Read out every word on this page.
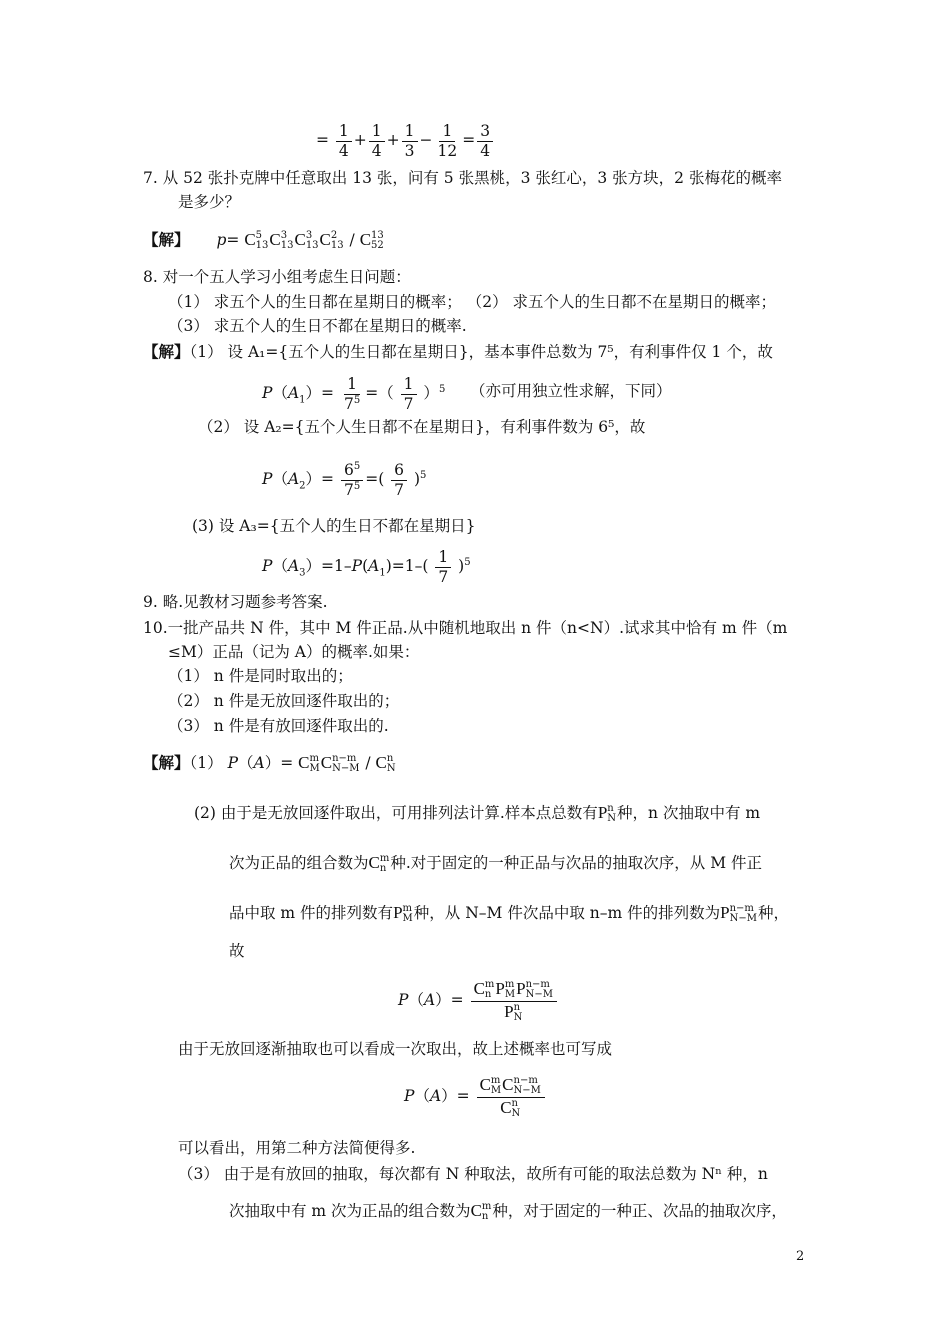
= $\frac{1}{4} + \frac{1}{4} + \frac{1}{3} - \frac{1}{12} = \frac{3}{4}$
7. 从 52 张扑克牌中任意取出 13 张，问有 5 张黑桃，3 张红心，3 张方块，2 张梅花的概率
是多少？
【解】 p= C 5
13 C 3
13 C 3
13 C 2
13 / C 13
52
8. 对一个五人学习小组考虑生日问题：
（1） 求五个人的生日都在星期日的概率； （2） 求五个人的生日都不在星期日的概率；
（3） 求五个人的生日不都在星期日的概率.
【解】（1） 设 A₁={五个人的生日都在星期日}，基本事件总数为 7⁵，有利事件仅 1 个，故
$P(A_1)= \frac{1}{7^5}$ =（ $\frac{1}{7} )^5$ （亦可用独立性求解，下同）
（2） 设 A₂={五个人生日都不在星期日}，有利事件数为 6⁵，故
$P(A_2)= \frac{6^5}{7^5}$ =( $\frac{6}{7} )^5$
(3) 设 A₃={五个人的生日不都在星期日}
$P(A_3)=1-P(A_1)=1-( \frac{1}{7} )^5$
9. 略.见教材习题参考答案.
10.一批产品共 N 件，其中 M 件正品.从中随机地取出 n 件（n<N）.试求其中恰有 m 件（m
≤M）正品（记为 A）的概率.如果：
（1） n 件是同时取出的；
（2） n 件是无放回逐件取出的；
（3） n 件是有放回逐件取出的.
【解】（1） P（A）= C m
M C n−m
N−M / C n
N
(2) 由于是无放回逐件取出，可用排列法计算.样本点总数有P n
N 种，n 次抽取中有 m
次为正品的组合数为C m
n 种.对于固定的一种正品与次品的抽取次序，从 M 件正
品中取 m 件的排列数有P m
M 种，从 N–M 件次品中取 n–m 件的排列数为P n−m
N−M 种，
故
P（A）= C m
n P m
M P n−m
N−M
P n
N
由于无放回逐渐抽取也可以看成一次取出，故上述概率也可写成
P（A）= C m
M C n−m
N−M
C n
N
可以看出，用第二种方法简便得多.
（3） 由于是有放回的抽取，每次都有 N 种取法，故所有可能的取法总数为 Nⁿ 种，n
次抽取中有 m 次为正品的组合数为C m
n 种，对于固定的一种正、次品的抽取次序，
2
